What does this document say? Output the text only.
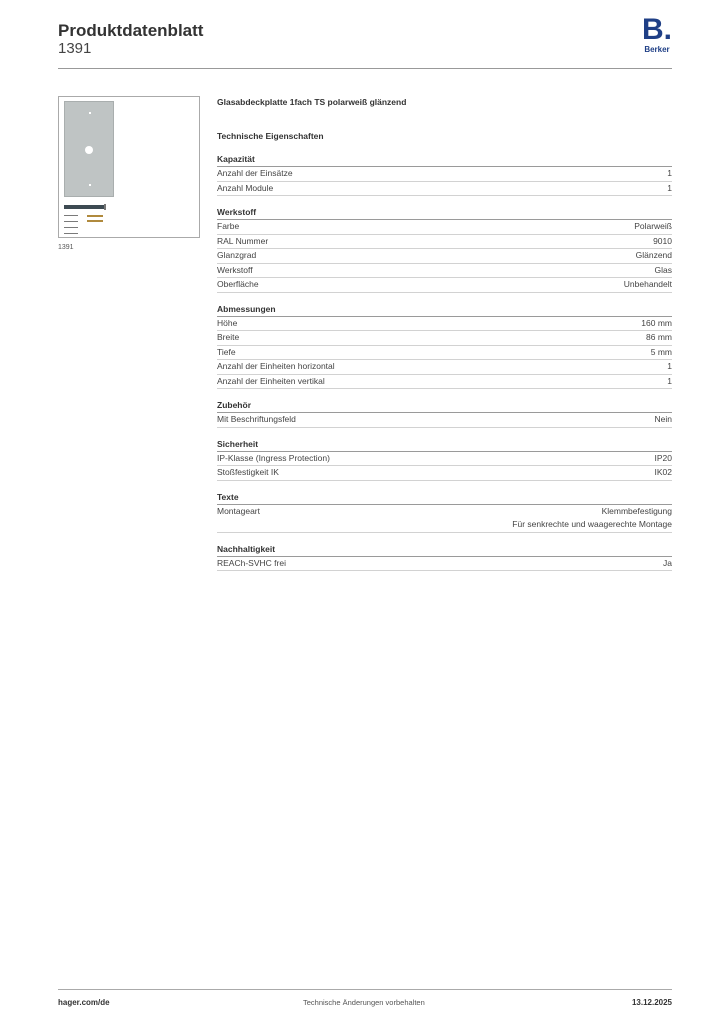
Produktdatenblatt
1391
B.
Berker
1391
Glasabdeckplatte 1fach TS polarweiß glänzend
Technische Eigenschaften
Kapazität
Anzahl der Einsätze	1
Anzahl Module	1
Werkstoff
Farbe	Polarweiß
RAL Nummer	9010
Glanzgrad	Glänzend
Werkstoff	Glas
Oberfläche	Unbehandelt
Abmessungen
Höhe	160 mm
Breite	86 mm
Tiefe	5 mm
Anzahl der Einheiten horizontal	1
Anzahl der Einheiten vertikal	1
Zubehör
Mit Beschriftungsfeld	Nein
Sicherheit
IP-Klasse (Ingress Protection)	IP20
Stoßfestigkeit IK	IK02
Texte
Montageart	Klemmbefestigung
Für senkrechte und waagerechte Montage
Nachhaltigkeit
REACh-SVHC frei	Ja
hager.com/de	Technische Änderungen vorbehalten	13.12.2025
